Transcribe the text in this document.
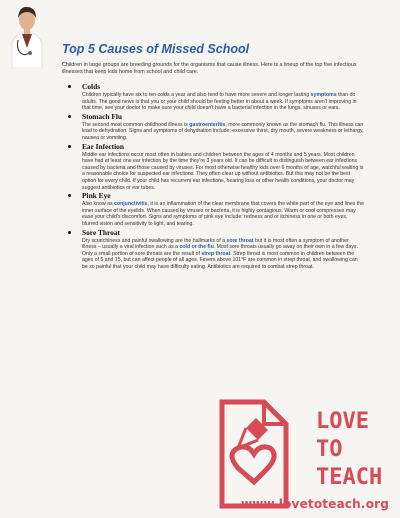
Top 5 Causes of Missed School

Children in large groups are breeding grounds for the organisms that cause illness. Here is a lineup of the top five infectious illnesses that keep kids home from school and child care.

Colds

Children typically have six to ten colds a year and also tend to have more severe and longer lasting symptoms than do adults. The good news is that you or your child should be feeling better in about a week. If symptoms aren't improving in that time, see your doctor to make sure your child doesn't have a bacterial infection in the lungs, sinuses or ears.

Stomach Flu

The second most common childhood illness is gastroenteritis, more commonly known as the stomach flu. This illness can lead to dehydration. Signs and symptoms of dehydration include: excessive thirst, dry mouth, severe weakness or lethargy, nausea or vomiting.

Ear Infection

Middle ear infections occur most often in babies and children between the ages of 4 months and 5 years. Most children have had at least one ear infection by the time they're 3 years old. It can be difficult to distinguish between ear infections caused by bacteria and those caused by viruses. For most otherwise healthy kids over 6 months of age, watchful waiting is a reasonable choice for suspected ear infections. They often clear up without antibiotics. But this may not be the best option for every child. If your child has recurrent ear infections, hearing loss or other health conditions, your doctor may suggest antibiotics or ear tubes.

Pink Eye

Also know as conjunctivitis, it is an inflammation of the clear membrane that covers the white part of the eye and lines the inner surface of the eyelids. When caused by viruses or bacteria, it is highly contagious. Warm or cool compresses may ease your child's discomfort. Signs and symptoms of pink eye include: redness and or itchiness in one or both eyes, blurred vision and sensitivity to light, and tearing.

Sore Throat

Dry scratchiness and painful swallowing are the hallmarks of a sore throat but it is most often a symptom of another illness – usually a viral infection such as a cold or the flu. Most sore throats usually go away on their own in a few days. Only a small portion of sore throats are the result of strep throat. Strep throat is most common in children between the ages of 5 and 15, but can affect people of all ages. Fevers above 101°F are common in strep throat, and swallowing can be so painful that your child may have difficulty eating. Antibiotics are required to combat strep throat.

LOVE
TO
TEACH

www.lovetoteach.org
